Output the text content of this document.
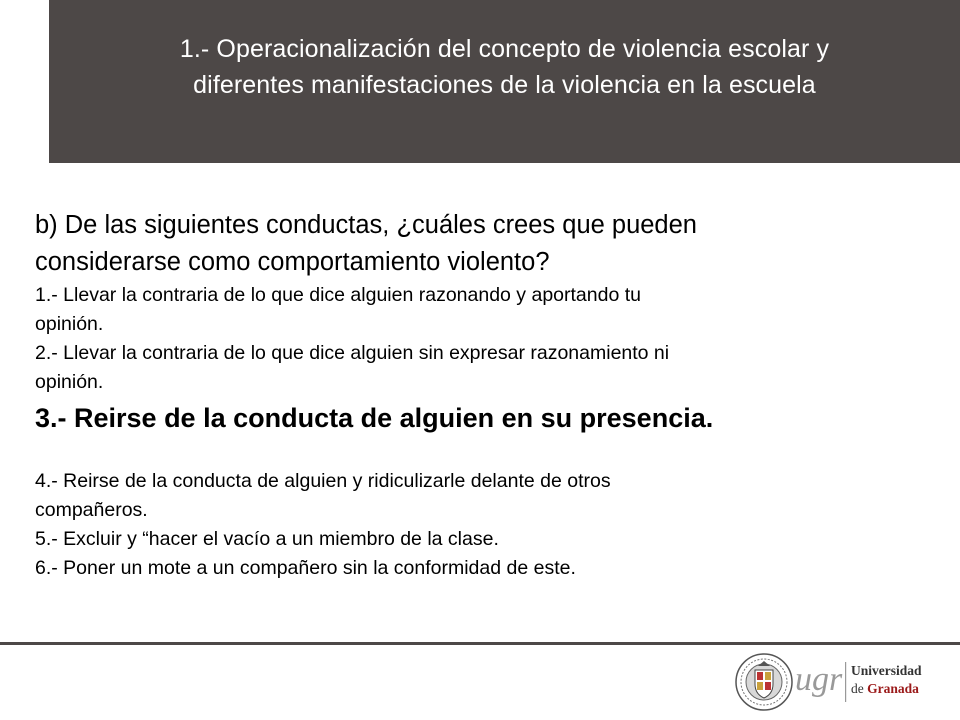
1.- Operacionalización del concepto de violencia escolar y
diferentes manifestaciones de la violencia en la escuela

b) De las siguientes conductas, ¿cuáles crees que pueden

considerarse como comportamiento violento?

1.- Llevar la contraria de lo que dice alguien razonando y aportando tu

opinión.

2.- Llevar la contraria de lo que dice alguien sin expresar razonamiento ni

opinión.

3.- Reirse de la conducta de alguien en su presencia.

4.- Reirse de la conducta de alguien y ridiculizarle delante de otros

compañeros.

5.- Excluir y “hacer el vacío a un miembro de la clase.

6.- Poner un mote a un compañero sin la conformidad de este.

ugr Universidad
de Granada
